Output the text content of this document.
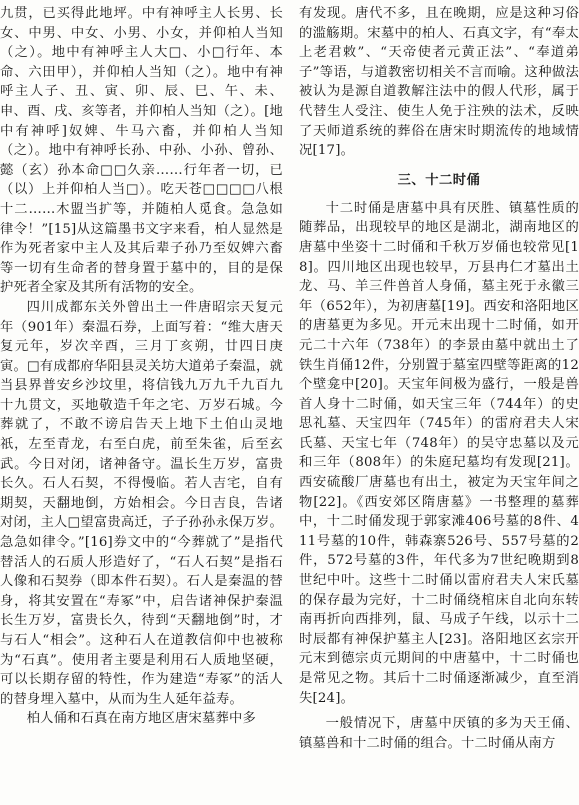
九贯，已买得此地坪。中有神呼主人长男、长女、中男、中女、小男、小女，并仰柏人当知（之）。地中有神呼主人大□、小□行年、本命、六田甲），并仰柏人当知（之）。地中有神呼主人子、丑、寅、卯、辰、巳、午、未、申、酉、戌、亥等者，并仰柏人当知（之）。[地中有神呼]奴婢、牛马六畜，并仰柏人当知（之）。地中有神呼长孙、中孙、小孙、曾孙、懿（玄）孙本命□□久亲……行年者一切，已（以）上并仰柏人当□）。吃天苍□□□□八根十二……木盟当扩等，并随柏人觅食。急急如律令！”[15]从这篇墨书文字来看，柏人显然是作为死者家中主人及其后辈子孙乃至奴婢六畜等一切有生命者的替身置于墓中的，目的是保护死者全家及其所有活物的安全。

四川成都东关外曾出土一件唐昭宗天复元年（901年）秦温石券，上面写着：“维大唐天复元年，岁次辛酉，三月丁亥朔，廿四日庚寅。□有成都府华阳县灵关坊大道弟子秦温，就当县界普安乡沙坟里，将信钱九万九千九百九十九贯文，买地敬造千年之宅、万岁石城。今葬就了，不敢不谤启告天上地下土伯山灵地祇，左至青龙，右至白虎，前至朱雀，后至玄武。今日对闭，诸神备守。温长生万岁，富贵长久。石人石契，不得慢临。若人吉宅，自有期契，天翻地倒，方始相会。今日吉良，告诸对闭，主人□望富贵高迁，子子孙孙永保万岁。急急如律令。”[16]券文中的“今葬就了”是指代替活人的石质人形造好了，“石人石契”是指石人像和石契券（即本件石契）。石人是秦温的替身，将其安置在“寿冢”中，启告诸神保护秦温长生万岁，富贵长久，待到“天翻地倒”时，才与石人“相会”。这种石人在道教信仰中也被称为“石真”。使用者主要是利用石人质地坚硬，可以长期存留的特性，作为建造“寿冢”的活人的替身埋入墓中，从而为生人延年益寿。

柏人俑和石真在南方地区唐宋墓葬中多

有发现。唐代不多，且在晚期，应是这种习俗的滥觞期。宋墓中的柏人、石真文字，有“奉太上老君敕”、“天帝使者元黄正法”、“奉道弟子”等语，与道教密切相关不言而喻。这种做法被认为是源自道教解注法中的假人代形，属于代替生人受注、使生人免于注殃的法术，反映了天师道系统的葬俗在唐宋时期流传的地域情况[17]。

三、十二时俑

十二时俑是唐墓中具有厌胜、镇墓性质的随葬品，出现较早的地区是湖北，湖南地区的唐墓中坐姿十二时俑和千秋万岁俑也较常见[18]。四川地区出现也较早，万县冉仁才墓出土龙、马、羊三件兽首人身俑，墓主死于永徽三年（652年），为初唐墓[19]。西安和洛阳地区的唐墓更为多见。开元末出现十二时俑，如开元二十六年（738年）的李景由墓中就出土了铁生肖俑12件，分别置于墓室四壁等距离的12个壁龛中[20]。天宝年间极为盛行，一般是兽首人身十二时俑，如天宝三年（744年）的史思礼墓、天宝四年（745年）的雷府君夫人宋氏墓、天宝七年（748年）的吴守忠墓以及元和三年（808年）的朱庭玘墓均有发现[21]。西安硫酸厂唐墓也有出土，被定为天宝年间之物[22]。《西安郊区隋唐墓》一书整理的墓葬中，十二时俑发现于郭家滩406号墓的8件、411号墓的10件，韩森寨526号、557号墓的2件，572号墓的3件，年代多为7世纪晚期到8世纪中叶。这些十二时俑以雷府君夫人宋氏墓的保存最为完好，十二时俑绕棺床自北向东转南再折向西排列，鼠、马成子午线，以示十二时辰都有神保护墓主人[23]。洛阳地区玄宗开元末到德宗贞元期间的中唐墓中，十二时俑也是常见之物。其后十二时俑逐渐减少，直至消失[24]。

一般情况下，唐墓中厌镇的多为天王俑、镇墓兽和十二时俑的组合。十二时俑从南方
